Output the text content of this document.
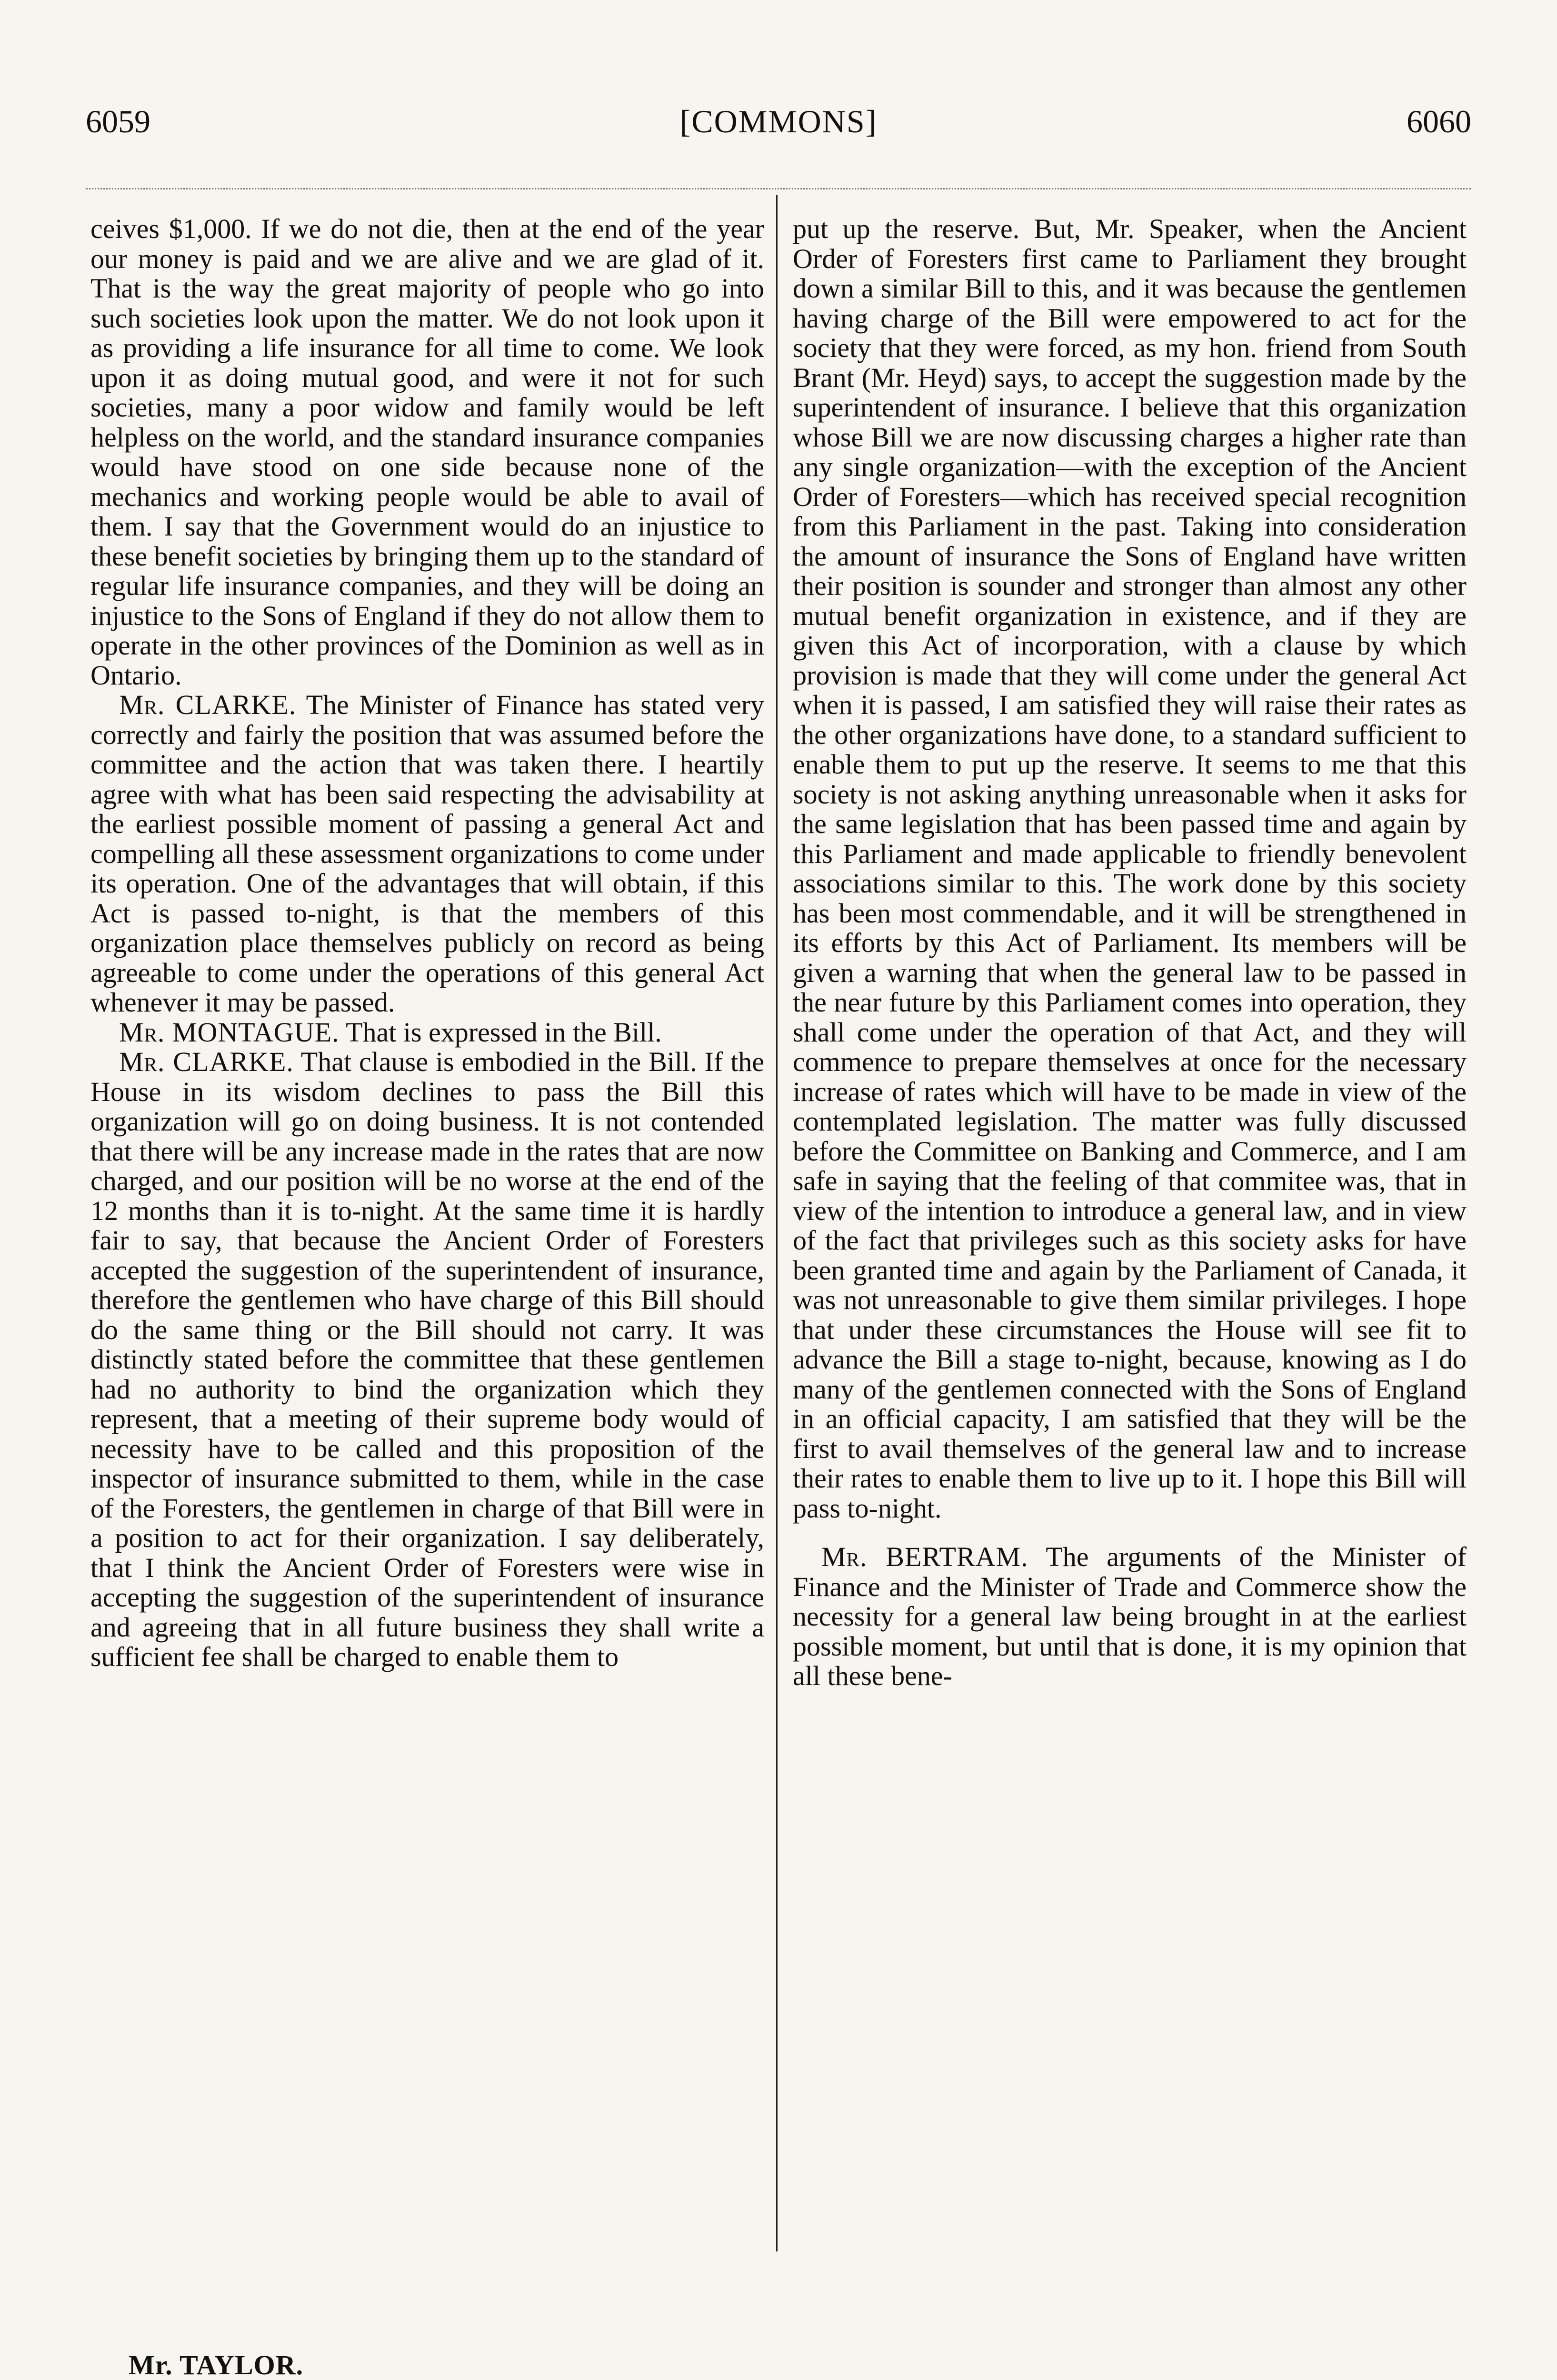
6059	[COMMONS]	6060

ceives $1,000. If we do not die, then at the end of the year our money is paid and we are alive and we are glad of it. That is the way the great majority of people who go into such societies look upon the matter. We do not look upon it as providing a life insurance for all time to come. We look upon it as doing mutual good, and were it not for such societies, many a poor widow and family would be left helpless on the world, and the standard insurance companies would have stood on one side because none of the mechanics and working people would be able to avail of them. I say that the Government would do an injustice to these benefit societies by bringing them up to the standard of regular life insurance companies, and they will be doing an injustice to the Sons of England if they do not allow them to operate in the other provinces of the Dominion as well as in Ontario.

Mr. CLARKE. The Minister of Finance has stated very correctly and fairly the position that was assumed before the committee and the action that was taken there. I heartily agree with what has been said respecting the advisability at the earliest possible moment of passing a general Act and compelling all these assessment organizations to come under its operation. One of the advantages that will obtain, if this Act is passed to-night, is that the members of this organization place themselves publicly on record as being agreeable to come under the operations of this general Act whenever it may be passed.

Mr. MONTAGUE. That is expressed in the Bill.

Mr. CLARKE. That clause is embodied in the Bill. If the House in its wisdom declines to pass the Bill this organization will go on doing business. It is not contended that there will be any increase made in the rates that are now charged, and our position will be no worse at the end of the 12 months than it is to-night. At the same time it is hardly fair to say, that because the Ancient Order of Foresters accepted the suggestion of the superintendent of insurance, therefore the gentlemen who have charge of this Bill should do the same thing or the Bill should not carry. It was distinctly stated before the committee that these gentlemen had no authority to bind the organization which they represent, that a meeting of their supreme body would of necessity have to be called and this proposition of the inspector of insurance submitted to them, while in the case of the Foresters, the gentlemen in charge of that Bill were in a position to act for their organization. I say deliberately, that I think the Ancient Order of Foresters were wise in accepting the suggestion of the superintendent of insurance and agreeing that in all future business they shall write a sufficient fee shall be charged to enable them to

put up the reserve. But, Mr. Speaker, when the Ancient Order of Foresters first came to Parliament they brought down a similar Bill to this, and it was because the gentlemen having charge of the Bill were empowered to act for the society that they were forced, as my hon. friend from South Brant (Mr. Heyd) says, to accept the suggestion made by the superintendent of insurance. I believe that this organization whose Bill we are now discussing charges a higher rate than any single organization—with the exception of the Ancient Order of Foresters—which has received special recognition from this Parliament in the past. Taking into consideration the amount of insurance the Sons of England have written their position is sounder and stronger than almost any other mutual benefit organization in existence, and if they are given this Act of incorporation, with a clause by which provision is made that they will come under the general Act when it is passed, I am satisfied they will raise their rates as the other organizations have done, to a standard sufficient to enable them to put up the reserve. It seems to me that this society is not asking anything unreasonable when it asks for the same legislation that has been passed time and again by this Parliament and made applicable to friendly benevolent associations similar to this. The work done by this society has been most commendable, and it will be strengthened in its efforts by this Act of Parliament. Its members will be given a warning that when the general law to be passed in the near future by this Parliament comes into operation, they shall come under the operation of that Act, and they will commence to prepare themselves at once for the necessary increase of rates which will have to be made in view of the contemplated legislation. The matter was fully discussed before the Committee on Banking and Commerce, and I am safe in saying that the feeling of that commitee was, that in view of the intention to introduce a general law, and in view of the fact that privileges such as this society asks for have been granted time and again by the Parliament of Canada, it was not unreasonable to give them similar privileges. I hope that under these circumstances the House will see fit to advance the Bill a stage to-night, because, knowing as I do many of the gentlemen connected with the Sons of England in an official capacity, I am satisfied that they will be the first to avail themselves of the general law and to increase their rates to enable them to live up to it. I hope this Bill will pass to-night.

Mr. BERTRAM. The arguments of the Minister of Finance and the Minister of Trade and Commerce show the necessity for a general law being brought in at the earliest possible moment, but until that is done, it is my opinion that all these bene-

Mr. TAYLOR.
